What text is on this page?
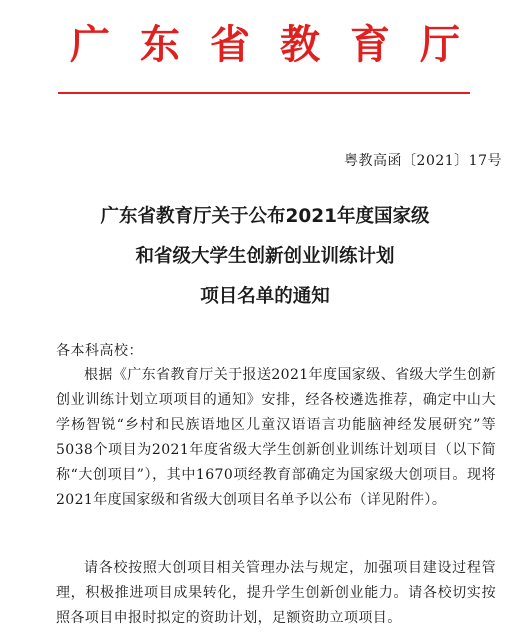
广东省教育厅
粤教高函〔2021〕17号
广东省教育厅关于公布2021年度国家级
和省级大学生创新创业训练计划
项目名单的通知
各本科高校：
根据《广东省教育厅关于报送2021年度国家级、省级大学生创新创业训练计划立项项目的通知》安排，经各校遴选推荐，确定中山大学杨智锐“乡村和民族语地区儿童汉语语言功能脑神经发展研究”等5038个项目为2021年度省级大学生创新创业训练计划项目（以下简称“大创项目”），其中1670项经教育部确定为国家级大创项目。现将2021年度国家级和省级大创项目名单予以公布（详见附件）。
请各校按照大创项目相关管理办法与规定，加强项目建设过程管理，积极推进项目成果转化，提升学生创新创业能力。请各校切实按照各项目申报时拟定的资助计划，足额资助立项项目。
